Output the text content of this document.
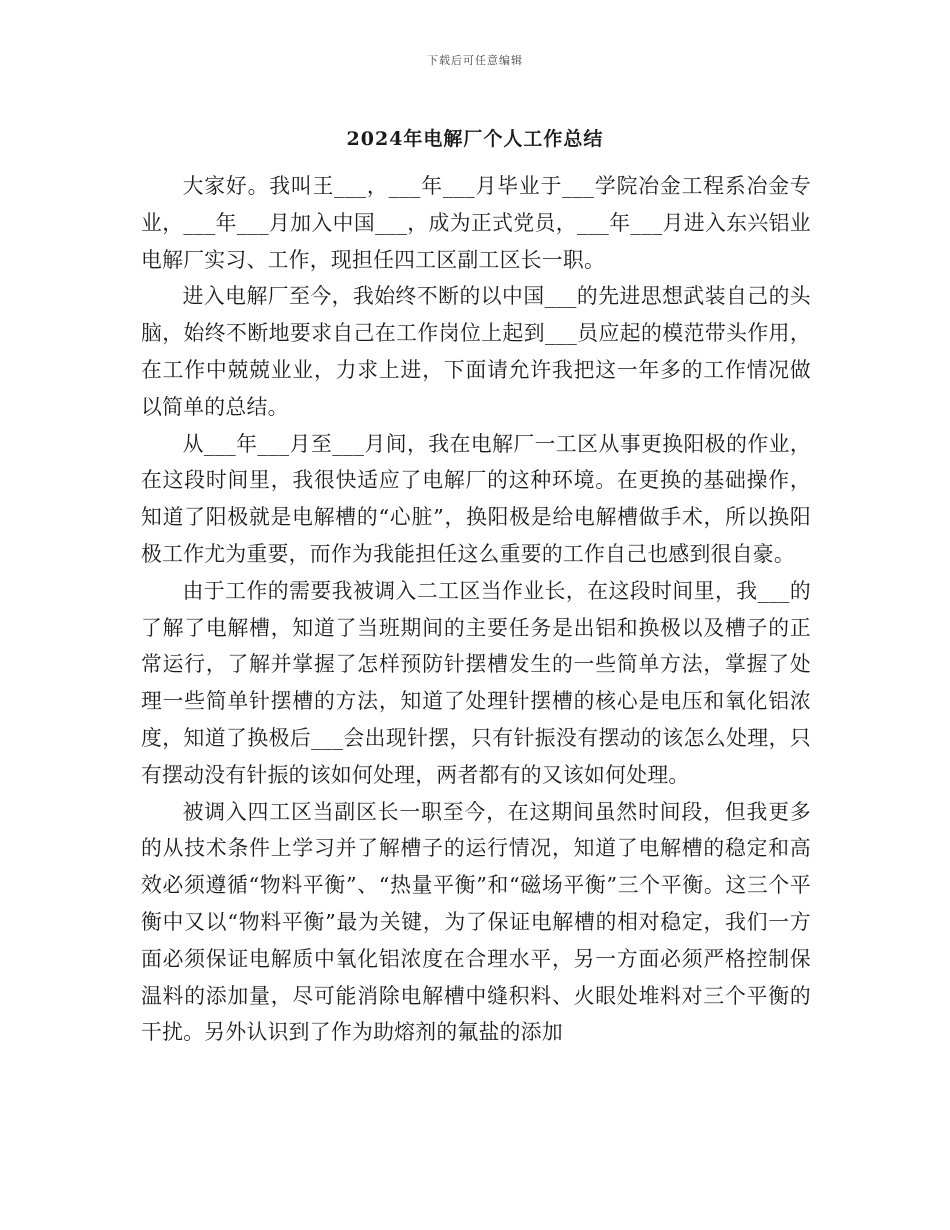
下载后可任意编辑
2024年电解厂个人工作总结

大家好。我叫王___，___年___月毕业于___学院冶金工程系冶金专业，___年___月加入中国___，成为正式党员，___年___月进入东兴铝业电解厂实习、工作，现担任四工区副工区长一职。

进入电解厂至今，我始终不断的以中国___的先进思想武装自己的头脑，始终不断地要求自己在工作岗位上起到___员应起的模范带头作用，在工作中兢兢业业，力求上进，下面请允许我把这一年多的工作情况做以简单的总结。

从___年___月至___月间，我在电解厂一工区从事更换阳极的作业，在这段时间里，我很快适应了电解厂的这种环境。在更换的基础操作，知道了阳极就是电解槽的“心脏”，换阳极是给电解槽做手术，所以换阳极工作尤为重要，而作为我能担任这么重要的工作自己也感到很自豪。

由于工作的需要我被调入二工区当作业长，在这段时间里，我___的了解了电解槽，知道了当班期间的主要任务是出铝和换极以及槽子的正常运行，了解并掌握了怎样预防针摆槽发生的一些简单方法，掌握了处理一些简单针摆槽的方法，知道了处理针摆槽的核心是电压和氧化铝浓度，知道了换极后___会出现针摆，只有针振没有摆动的该怎么处理，只有摆动没有针振的该如何处理，两者都有的又该如何处理。

被调入四工区当副区长一职至今，在这期间虽然时间段，但我更多的从技术条件上学习并了解槽子的运行情况，知道了电解槽的稳定和高效必须遵循“物料平衡”、“热量平衡”和“磁场平衡”三个平衡。这三个平衡中又以“物料平衡”最为关键，为了保证电解槽的相对稳定，我们一方面必须保证电解质中氧化铝浓度在合理水平，另一方面必须严格控制保温料的添加量，尽可能消除电解槽中缝积料、火眼处堆料对三个平衡的干扰。另外认识到了作为助熔剂的氟盐的添加
